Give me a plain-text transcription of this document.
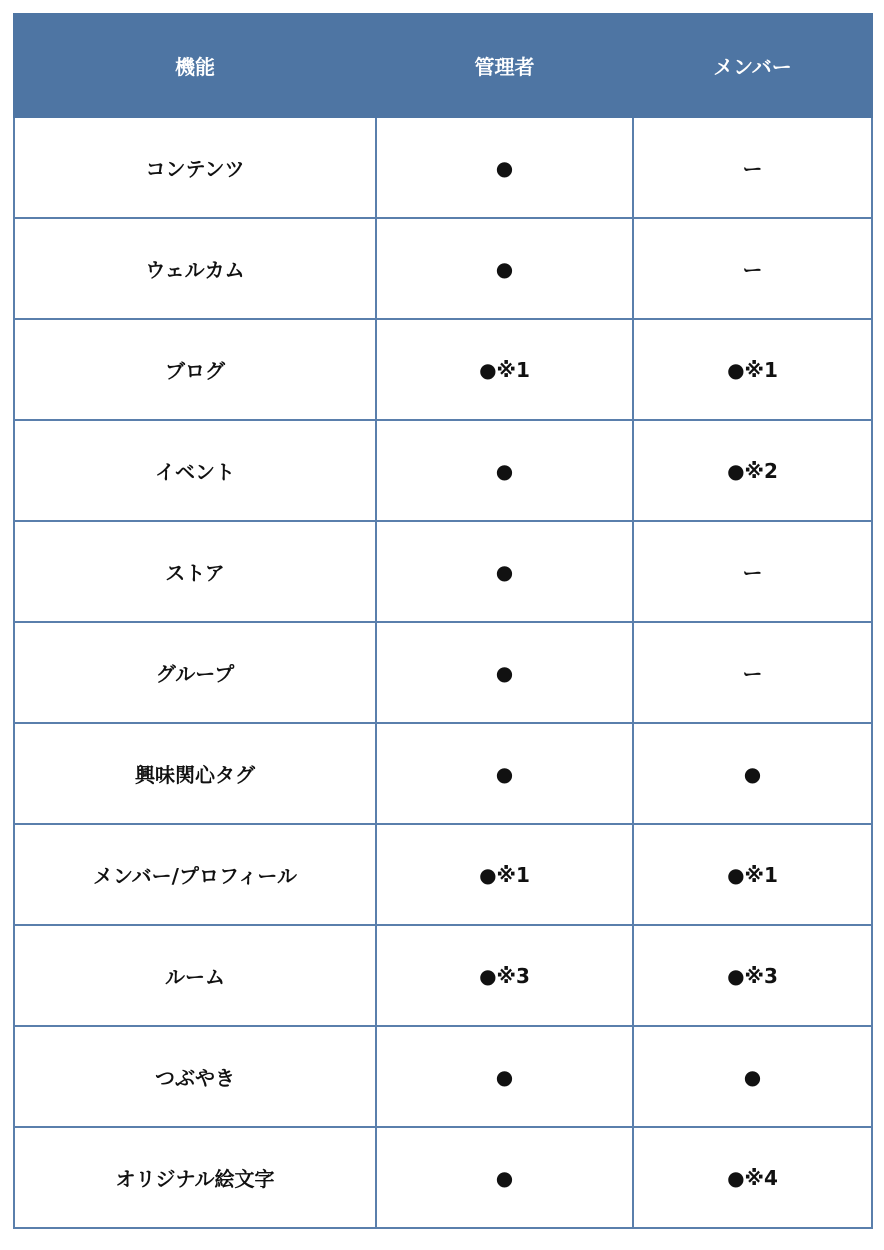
機能	管理者	メンバー
コンテンツ	●	ー
ウェルカム	●	ー
ブログ	●※1	●※1
イベント	●	●※2
ストア	●	ー
グループ	●	ー
興味関心タグ	●	●
メンバー/プロフィール	●※1	●※1
ルーム	●※3	●※3
つぶやき	●	●
オリジナル絵文字	●	●※4
